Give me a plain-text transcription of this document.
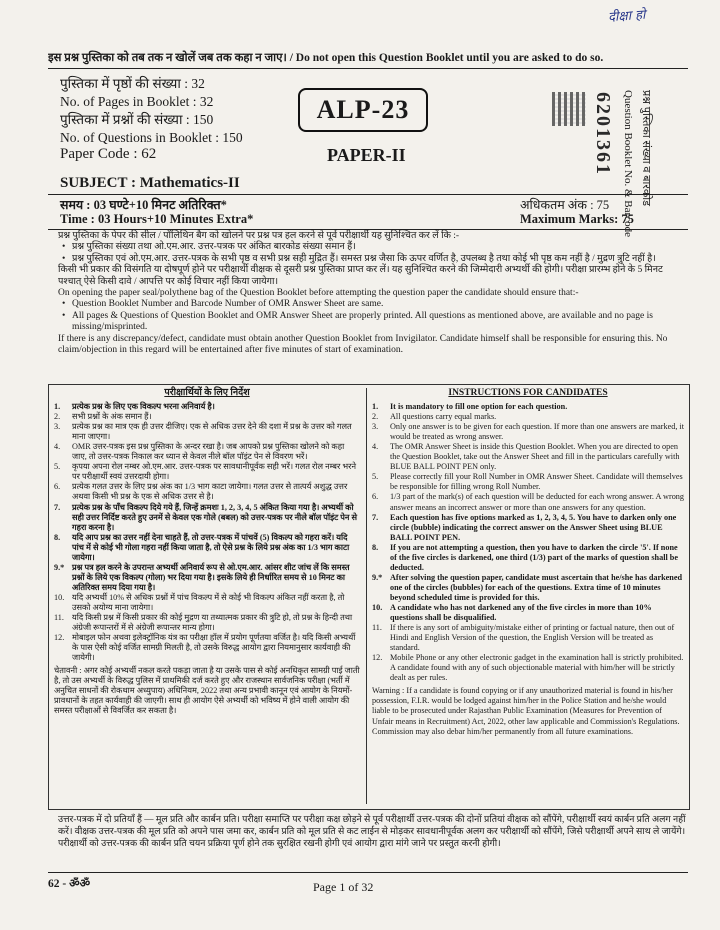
दीक्षा हो
इस प्रश्न पुस्तिका को तब तक न खोलें जब तक कहा न जाए। / Do not open this Question Booklet until you are asked to do so.
पुस्तिका में पृष्ठों की संख्या : 32
No. of Pages in Booklet : 32
पुस्तिका में प्रश्नों की संख्या : 150
No. of Questions in Booklet : 150
Paper Code : 62
ALP-23
PAPER-II	6201361 प्रश्न पुस्तिका संख्या व बारकोड
Question Booklet No. & Barcode
SUBJECT : Mathematics-II
समय : 03 घण्टे+10 मिनट अतिरिक्त*
Time : 03 Hours+10 Minutes Extra*
अधिकतम अंक : 75
Maximum Marks: 75
प्रश्न पुस्तिका के पेपर की सील / पॉलिथिन बैग को खोलने पर प्रश्न पत्र हल करने से पूर्व परीक्षार्थी यह सुनिश्चित कर लें कि :-
• प्रश्न पुस्तिका संख्या तथा ओ.एम.आर. उत्तर-पत्रक पर अंकित बारकोड संख्या समान हैं।
• प्रश्न पुस्तिका एवं ओ.एम.आर. उत्तर-पत्रक के सभी पृष्ठ व सभी प्रश्न सही मुद्रित हैं। समस्त प्रश्न जैसा कि ऊपर वर्णित है, उपलब्ध है तथा कोई भी पृष्ठ कम नहीं है / मुद्रण त्रुटि नहीं है।
किसी भी प्रकार की विसंगति या दोषपूर्ण होने पर परीक्षार्थी वीक्षक से दूसरी प्रश्न पुस्तिका प्राप्त कर लें। यह सुनिश्चित करने की जिम्मेदारी अभ्यर्थी की होगी। परीक्षा प्रारम्भ होने के 5 मिनट पश्चात् ऐसे किसी दावे / आपत्ति पर कोई विचार नहीं किया जायेगा।
On opening the paper seal/polythene bag of the Question Booklet before attempting the question paper the candidate should ensure that:-
• Question Booklet Number and Barcode Number of OMR Answer Sheet are same.
• All pages & Questions of Question Booklet and OMR Answer Sheet are properly printed. All questions as mentioned above, are available and no page is missing/misprinted.
If there is any discrepancy/defect, candidate must obtain another Question Booklet from Invigilator. Candidate himself shall be responsible for ensuring this. No claim/objection in this regard will be entertained after five minutes of start of examination.
परीक्षार्थियों के लिए निर्देश
1.	प्रत्येक प्रश्न के लिए एक विकल्प भरना अनिवार्य है।
2.	सभी प्रश्नों के अंक समान हैं।
3.	प्रत्येक प्रश्न का मात्र एक ही उत्तर दीजिए। एक से अधिक उत्तर देने की दशा में प्रश्न के उत्तर को गलत माना जाएगा।
4.	OMR उत्तर-पत्रक इस प्रश्न पुस्तिका के अन्दर रखा है। जब आपको प्रश्न पुस्तिका खोलने को कहा जाए, तो उत्तर-पत्रक निकाल कर ध्यान से केवल नीले बॉल पॉइंट पेन से विवरण भरें।
5.	कृपया अपना रोल नम्बर ओ.एम.आर. उत्तर-पत्रक पर सावधानीपूर्वक सही भरें। गलत रोल नम्बर भरने पर परीक्षार्थी स्वयं उत्तरदायी होगा।
6.	प्रत्येक गलत उत्तर के लिए प्रश्न अंक का 1/3 भाग काटा जायेगा। गलत उत्तर से तात्पर्य अशुद्ध उत्तर अथवा किसी भी प्रश्न के एक से अधिक उत्तर से है।
7.	प्रत्येक प्रश्न के पाँच विकल्प दिये गये हैं, जिन्हें क्रमशः 1, 2, 3, 4, 5 अंकित किया गया है। अभ्यर्थी को सही उत्तर निर्दिष्ट करते हुए उनमें से केवल एक गोले (बबल) को उत्तर-पत्रक पर नीले बॉल पॉइंट पेन से गहरा करना है।
8.	यदि आप प्रश्न का उत्तर नहीं देना चाहते हैं, तो उत्तर-पत्रक में पांचवें (5) विकल्प को गहरा करें। यदि पांच में से कोई भी गोला गहरा नहीं किया जाता है, तो ऐसे प्रश्न के लिये प्रश्न अंक का 1/3 भाग काटा जायेगा।
9.* प्रश्न पत्र हल करने के उपरान्त अभ्यर्थी अनिवार्य रूप से ओ.एम.आर. आंसर शीट जांच लें कि समस्त प्रश्नों के लिये एक विकल्प (गोला) भर दिया गया है। इसके लिये ही निर्धारित समय से 10 मिनट का अतिरिक्त समय दिया गया है।
10. यदि अभ्यर्थी 10% से अधिक प्रश्नों में पांच विकल्प में से कोई भी विकल्प अंकित नहीं करता है, तो उसको अयोग्य माना जायेगा।
11. यदि किसी प्रश्न में किसी प्रकार की कोई मुद्रण या तथ्यात्मक प्रकार की त्रुटि हो, तो प्रश्न के हिन्दी तथा अंग्रेजी रूपान्तरों में से अंग्रेजी रूपान्तर मान्य होगा।
12. मोबाइल फोन अथवा इलेक्ट्रॉनिक यंत्र का परीक्षा हॉल में प्रयोग पूर्णतया वर्जित है। यदि किसी अभ्यर्थी के पास ऐसी कोई वर्जित सामग्री मिलती है, तो उसके विरुद्ध आयोग द्वारा नियमानुसार कार्यवाही की जायेगी।
चेतावनी : अगर कोई अभ्यर्थी नकल करते पकड़ा जाता है या उसके पास से कोई अनधिकृत सामग्री पाई जाती है, तो उस अभ्यर्थी के विरुद्ध पुलिस में प्राथमिकी दर्ज करते हुए और राजस्थान सार्वजनिक परीक्षा (भर्ती में अनुचित साधनों की रोकथाम अध्युपाय) अधिनियम, 2022 तथा अन्य प्रभावी कानून एवं आयोग के नियमों-प्रावधानों के तहत कार्यवाही की जाएगी। साथ ही आयोग ऐसे अभ्यर्थी को भविष्य में होने वाली आयोग की समस्त परीक्षाओं से विवर्जित कर सकता है।
INSTRUCTIONS FOR CANDIDATES
1.	It is mandatory to fill one option for each question.
2.	All questions carry equal marks.
3.	Only one answer is to be given for each question. If more than one answers are marked, it would be treated as wrong answer.
4.	The OMR Answer Sheet is inside this Question Booklet. When you are directed to open the Question Booklet, take out the Answer Sheet and fill in the particulars carefully with BLUE BALL POINT PEN only.
5.	Please correctly fill your Roll Number in OMR Answer Sheet. Candidate will themselves be responsible for filling wrong Roll Number.
6.	1/3 part of the mark(s) of each question will be deducted for each wrong answer. A wrong answer means an incorrect answer or more than one answers for any question.
7.	Each question has five options marked as 1, 2, 3, 4, 5. You have to darken only one circle (bubble) indicating the correct answer on the Answer Sheet using BLUE BALL POINT PEN.
8.	If you are not attempting a question, then you have to darken the circle '5'. If none of the five circles is darkened, one third (1/3) part of the marks of question shall be deducted.
9.* After solving the question paper, candidate must ascertain that he/she has darkened one of the circles (bubbles) for each of the questions. Extra time of 10 minutes beyond scheduled time is provided for this.
10. A candidate who has not darkened any of the five circles in more than 10% questions shall be disqualified.
11. If there is any sort of ambiguity/mistake either of printing or factual nature, then out of Hindi and English Version of the question, the English Version will be treated as standard.
12. Mobile Phone or any other electronic gadget in the examination hall is strictly prohibited. A candidate found with any of such objectionable material with him/her will be strictly dealt as per rules.
Warning : If a candidate is found copying or if any unauthorized material is found in his/her possession, F.I.R. would be lodged against him/her in the Police Station and he/she would liable to be prosecuted under Rajasthan Public Examination (Measures for Prevention of Unfair means in Recruitment) Act, 2022, other law applicable and Commission's Regulations. Commission may also debar him/her permanently from all future examinations.
उत्तर-पत्रक में दो प्रतियाँ हैं — मूल प्रति और कार्बन प्रति। परीक्षा समाप्ति पर परीक्षा कक्ष छोड़ने से पूर्व परीक्षार्थी उत्तर-पत्रक की दोनों प्रतियां वीक्षक को सौंपेंगे, परीक्षार्थी स्वयं कार्बन प्रति अलग नहीं करें। वीक्षक उत्तर-पत्रक की मूल प्रति को अपने पास जमा कर, कार्बन प्रति को मूल प्रति से कट लाईन से मोड़कर सावधानीपूर्वक अलग कर परीक्षार्थी को सौंपेंगे, जिसे परीक्षार्थी अपने साथ ले जायेंगे। परीक्षार्थी को उत्तर-पत्रक की कार्बन प्रति चयन प्रक्रिया पूर्ण होने तक सुरक्षित रखनी होगी एवं आयोग द्वारा मांगे जाने पर प्रस्तुत करनी होगी।
62 - ॐॐ	Page 1 of 32
